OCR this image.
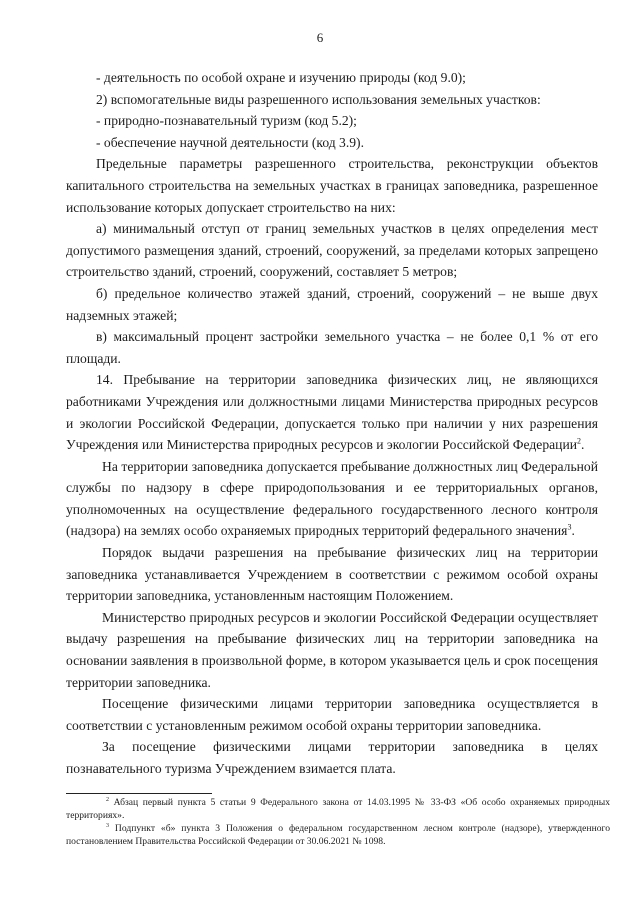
6

- деятельность по особой охране и изучению природы (код 9.0);

2) вспомогательные виды разрешенного использования земельных участков:

- природно-познавательный туризм (код 5.2);

- обеспечение научной деятельности (код 3.9).

Предельные параметры разрешенного строительства, реконструкции объектов капитального строительства на земельных участках в границах заповедника, разрешенное использование которых допускает строительство на них:

а) минимальный отступ от границ земельных участков в целях определения мест допустимого размещения зданий, строений, сооружений, за пределами которых запрещено строительство зданий, строений, сооружений, составляет 5 метров;

б) предельное количество этажей зданий, строений, сооружений – не выше двух надземных этажей;

в) максимальный процент застройки земельного участка – не более 0,1 % от его площади.

14. Пребывание на территории заповедника физических лиц, не являющихся работниками Учреждения или должностными лицами Министерства природных ресурсов и экологии Российской Федерации, допускается только при наличии у них разрешения Учреждения или Министерства природных ресурсов и экологии Российской Федерации$^2$.

На территории заповедника допускается пребывание должностных лиц Федеральной службы по надзору в сфере природопользования и ее территориальных органов, уполномоченных на осуществление федерального государственного лесного контроля (надзора) на землях особо охраняемых природных территорий федерального значения$^3$.

Порядок выдачи разрешения на пребывание физических лиц на территории заповедника устанавливается Учреждением в соответствии с режимом особой охраны территории заповедника, установленным настоящим Положением.

Министерство природных ресурсов и экологии Российской Федерации осуществляет выдачу разрешения на пребывание физических лиц на территории заповедника на основании заявления в произвольной форме, в котором указывается цель и срок посещения территории заповедника.

Посещение физическими лицами территории заповедника осуществляется в соответствии с установленным режимом особой охраны территории заповедника.

За посещение физическими лицами территории заповедника в целях познавательного туризма Учреждением взимается плата.

$^2$ Абзац первый пункта 5 статьи 9 Федерального закона от 14.03.1995 № 33-ФЗ «Об особо охраняемых природных территориях».

$^3$ Подпункт «б» пункта 3 Положения о федеральном государственном лесном контроле (надзоре), утвержденного постановлением Правительства Российской Федерации от 30.06.2021 № 1098.
